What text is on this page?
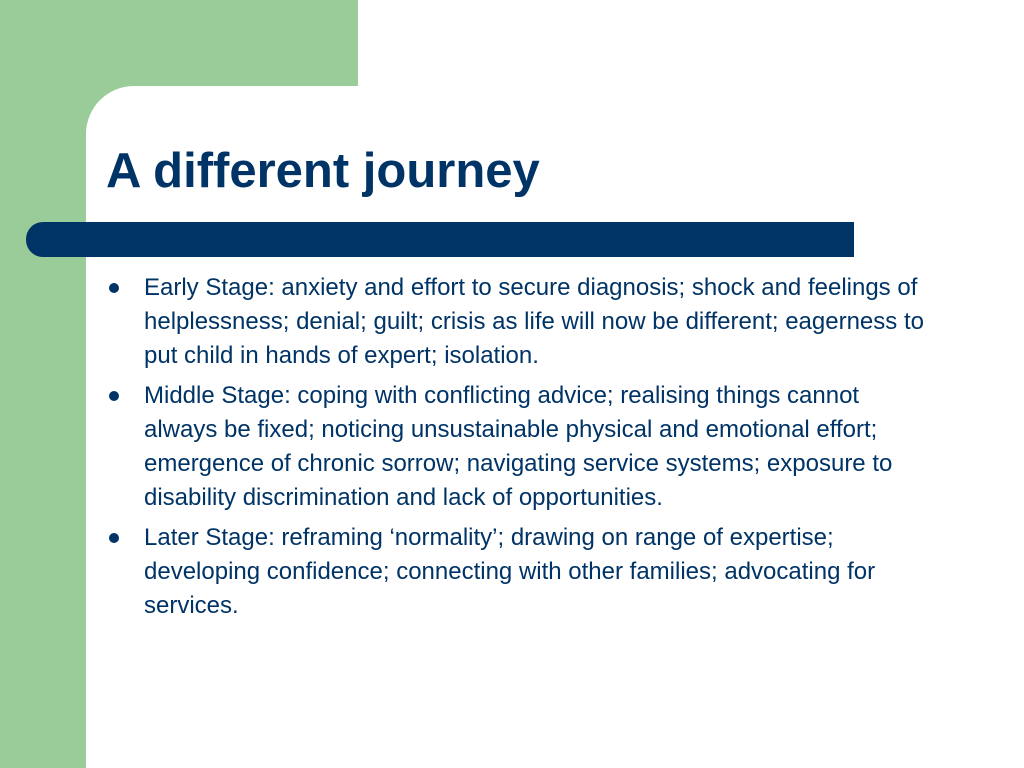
A different journey
Early Stage: anxiety and effort to secure diagnosis; shock and feelings of helplessness; denial; guilt; crisis as life will now be different; eagerness to put child in hands of expert; isolation.
Middle Stage: coping with conflicting advice; realising things cannot always be fixed; noticing unsustainable physical and emotional effort; emergence of chronic sorrow; navigating service systems; exposure to disability discrimination and lack of opportunities.
Later Stage: reframing ‘normality’; drawing on range of expertise; developing confidence; connecting with other families; advocating for services.
